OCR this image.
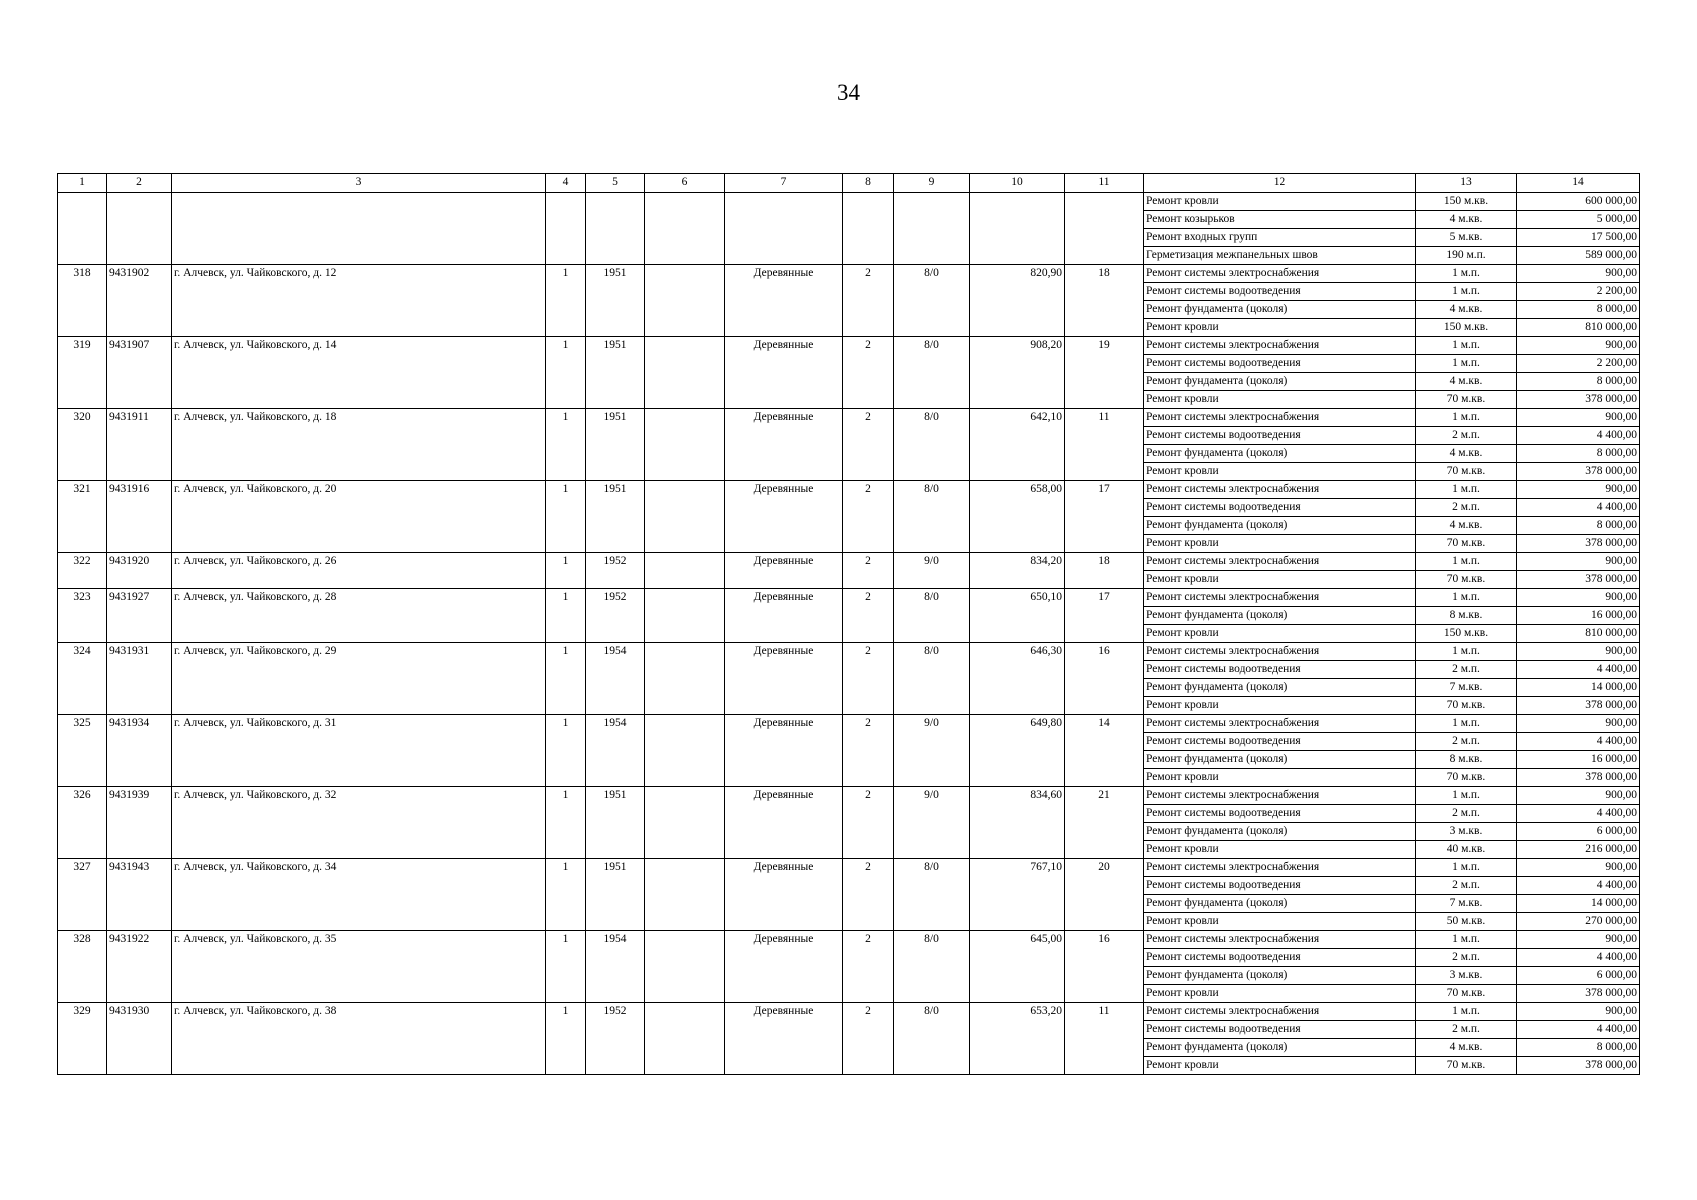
34
1	2	3	4	5	6	7	8	9	10	11	12	13	14
											Ремонт кровли	150 м.кв.	600 000,00
											Ремонт козырьков	4 м.кв.	5 000,00
											Ремонт входных групп	5 м.кв.	17 500,00
											Герметизация межпанельных швов	190 м.п.	589 000,00
318	9431902	г. Алчевск, ул. Чайковского, д. 12	1	1951		Деревянные	2	8/0	820,90	18	Ремонт системы электроснабжения	1 м.п.	900,00
											Ремонт системы водоотведения	1 м.п.	2 200,00
											Ремонт фундамента (цоколя)	4 м.кв.	8 000,00
											Ремонт кровли	150 м.кв.	810 000,00
319	9431907	г. Алчевск, ул. Чайковского, д. 14	1	1951		Деревянные	2	8/0	908,20	19	Ремонт системы электроснабжения	1 м.п.	900,00
											Ремонт системы водоотведения	1 м.п.	2 200,00
											Ремонт фундамента (цоколя)	4 м.кв.	8 000,00
											Ремонт кровли	70 м.кв.	378 000,00
320	9431911	г. Алчевск, ул. Чайковского, д. 18	1	1951		Деревянные	2	8/0	642,10	11	Ремонт системы электроснабжения	1 м.п.	900,00
											Ремонт системы водоотведения	2 м.п.	4 400,00
											Ремонт фундамента (цоколя)	4 м.кв.	8 000,00
											Ремонт кровли	70 м.кв.	378 000,00
321	9431916	г. Алчевск, ул. Чайковского, д. 20	1	1951		Деревянные	2	8/0	658,00	17	Ремонт системы электроснабжения	1 м.п.	900,00
											Ремонт системы водоотведения	2 м.п.	4 400,00
											Ремонт фундамента (цоколя)	4 м.кв.	8 000,00
											Ремонт кровли	70 м.кв.	378 000,00
322	9431920	г. Алчевск, ул. Чайковского, д. 26	1	1952		Деревянные	2	9/0	834,20	18	Ремонт системы электроснабжения	1 м.п.	900,00
											Ремонт кровли	70 м.кв.	378 000,00
323	9431927	г. Алчевск, ул. Чайковского, д. 28	1	1952		Деревянные	2	8/0	650,10	17	Ремонт системы электроснабжения	1 м.п.	900,00
											Ремонт фундамента (цоколя)	8 м.кв.	16 000,00
											Ремонт кровли	150 м.кв.	810 000,00
324	9431931	г. Алчевск, ул. Чайковского, д. 29	1	1954		Деревянные	2	8/0	646,30	16	Ремонт системы электроснабжения	1 м.п.	900,00
											Ремонт системы водоотведения	2 м.п.	4 400,00
											Ремонт фундамента (цоколя)	7 м.кв.	14 000,00
											Ремонт кровли	70 м.кв.	378 000,00
325	9431934	г. Алчевск, ул. Чайковского, д. 31	1	1954		Деревянные	2	9/0	649,80	14	Ремонт системы электроснабжения	1 м.п.	900,00
											Ремонт системы водоотведения	2 м.п.	4 400,00
											Ремонт фундамента (цоколя)	8 м.кв.	16 000,00
											Ремонт кровли	70 м.кв.	378 000,00
326	9431939	г. Алчевск, ул. Чайковского, д. 32	1	1951		Деревянные	2	9/0	834,60	21	Ремонт системы электроснабжения	1 м.п.	900,00
											Ремонт системы водоотведения	2 м.п.	4 400,00
											Ремонт фундамента (цоколя)	3 м.кв.	6 000,00
											Ремонт кровли	40 м.кв.	216 000,00
327	9431943	г. Алчевск, ул. Чайковского, д. 34	1	1951		Деревянные	2	8/0	767,10	20	Ремонт системы электроснабжения	1 м.п.	900,00
											Ремонт системы водоотведения	2 м.п.	4 400,00
											Ремонт фундамента (цоколя)	7 м.кв.	14 000,00
											Ремонт кровли	50 м.кв.	270 000,00
328	9431922	г. Алчевск, ул. Чайковского, д. 35	1	1954		Деревянные	2	8/0	645,00	16	Ремонт системы электроснабжения	1 м.п.	900,00
											Ремонт системы водоотведения	2 м.п.	4 400,00
											Ремонт фундамента (цоколя)	3 м.кв.	6 000,00
											Ремонт кровли	70 м.кв.	378 000,00
329	9431930	г. Алчевск, ул. Чайковского, д. 38	1	1952		Деревянные	2	8/0	653,20	11	Ремонт системы электроснабжения	1 м.п.	900,00
											Ремонт системы водоотведения	2 м.п.	4 400,00
											Ремонт фундамента (цоколя)	4 м.кв.	8 000,00
											Ремонт кровли	70 м.кв.	378 000,00
